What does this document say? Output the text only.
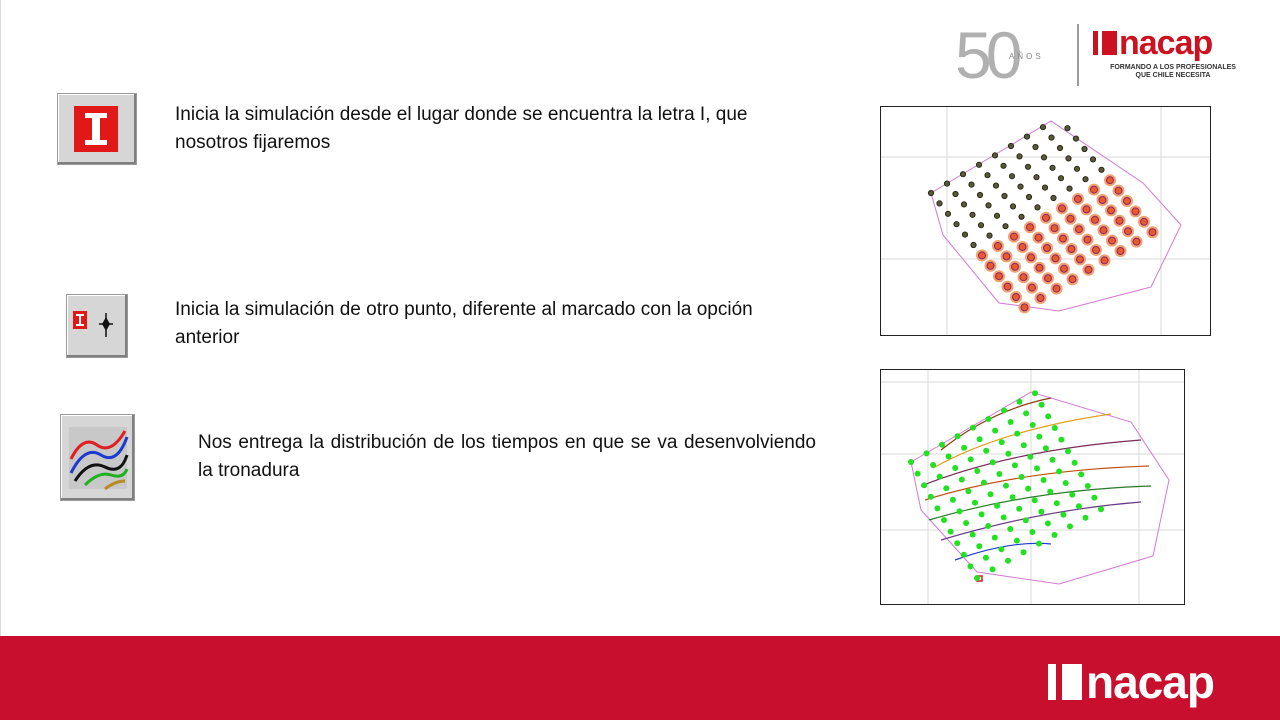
50
AÑOS nacap
FORMANDO A LOS PROFESIONALES
QUE CHILE NECESITA
Inicia la simulación desde el lugar donde se encuentra la letra I, que nosotros fijaremos
Inicia la simulación de otro punto, diferente al marcado con la opción anterior
Nos entrega la distribución de los tiempos en que se va desenvolviendo la tronadura
nacap
